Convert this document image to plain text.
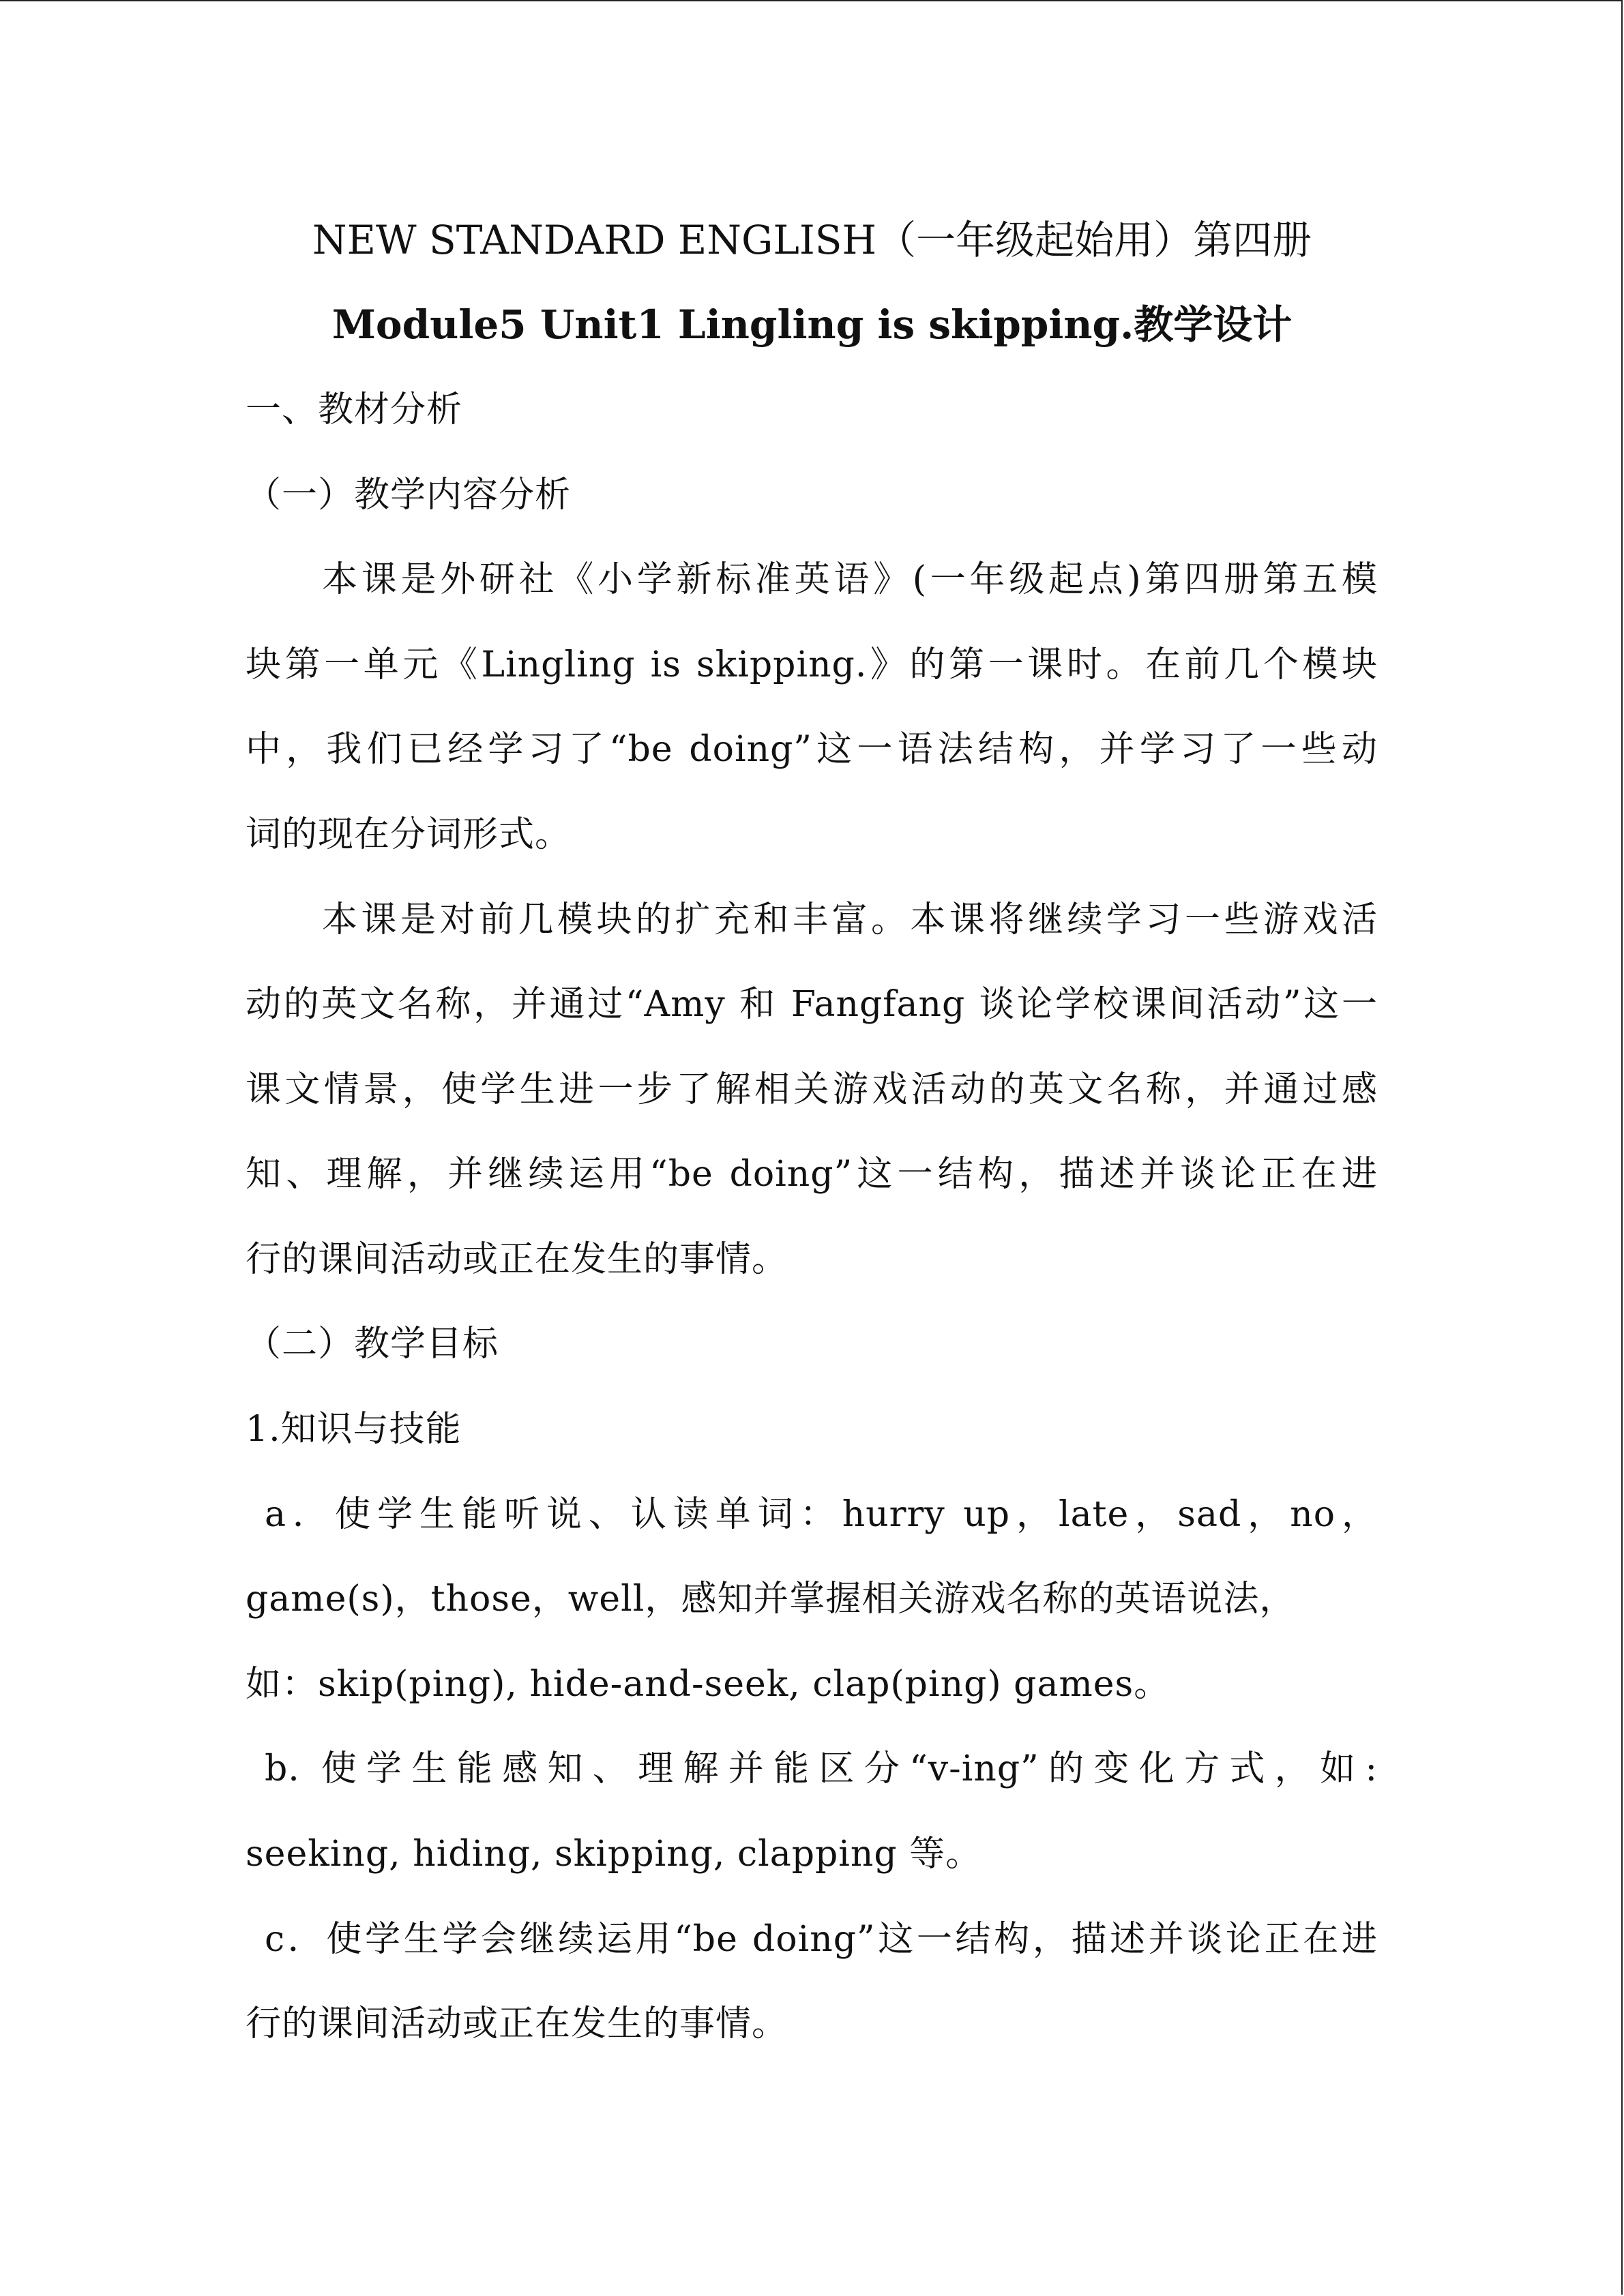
NEW STANDARD ENGLISH（一年级起始用）第四册
Module5 Unit1 Lingling is skipping.教学设计
一、教材分析
（一）教学内容分析
本课是外研社《小学新标准英语》(一年级起点)第四册第五模
块第一单元《Lingling is skipping.》的第一课时。在前几个模块
中，我们已经学习了“be doing”这一语法结构，并学习了一些动
词的现在分词形式。
本课是对前几模块的扩充和丰富。本课将继续学习一些游戏活
动的英文名称，并通过“Amy 和 Fangfang 谈论学校课间活动”这一
课文情景，使学生进一步了解相关游戏活动的英文名称，并通过感
知、理解，并继续运用“be doing”这一结构，描述并谈论正在进
行的课间活动或正在发生的事情。
（二）教学目标
1.知识与技能
a．使学生能听说、认读单词：hurry up，late，sad，no，
game(s)，those，well，感知并掌握相关游戏名称的英语说法，
如：skip(ping), hide-and-seek, clap(ping) games。
b. 使学生能感知、理解并能区分“v-ing”的变化方式，如:
seeking, hiding, skipping, clapping 等。
c．使学生学会继续运用“be doing”这一结构，描述并谈论正在进
行的课间活动或正在发生的事情。
